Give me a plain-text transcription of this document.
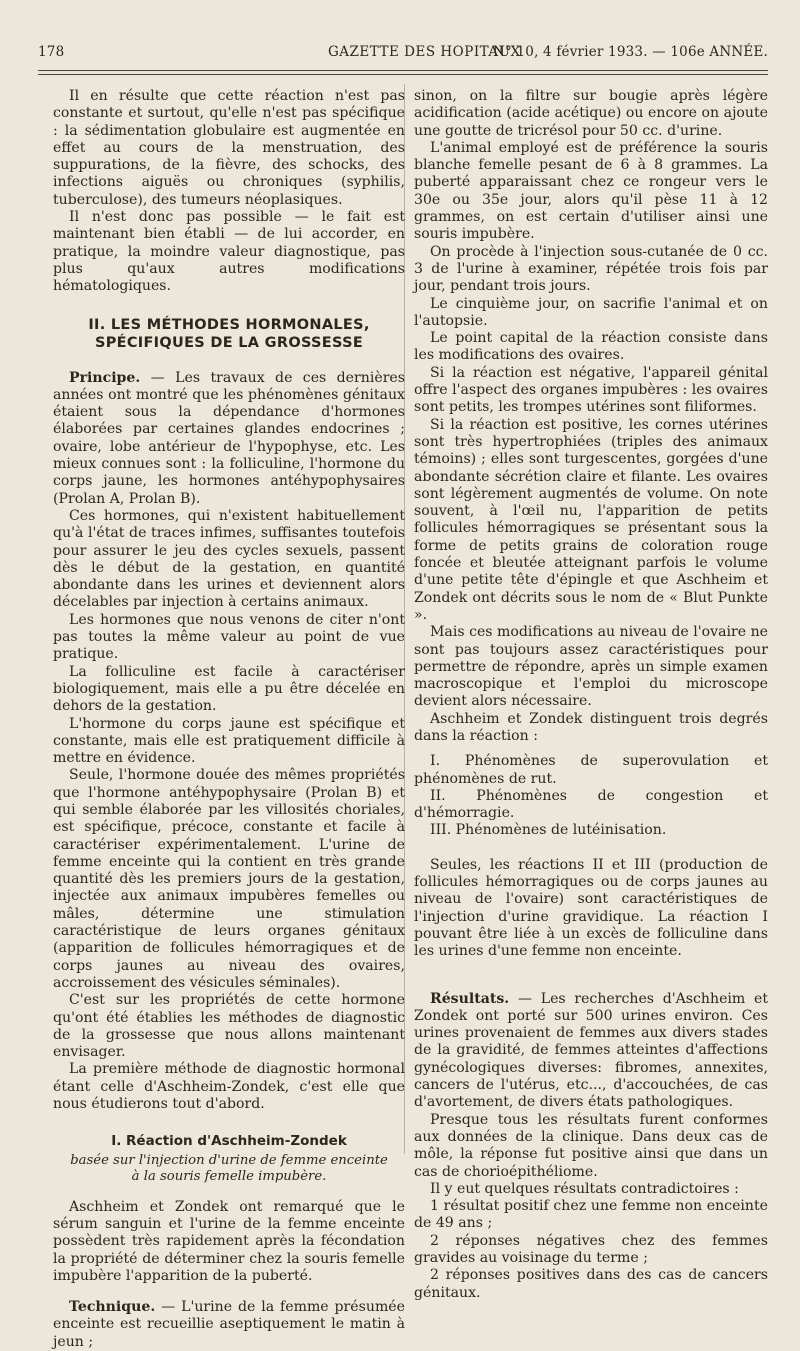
178	GAZETTE DES HOPITAUX
N° 10, 4 février 1933. — 106e ANNÉE.

Il en résulte que cette réaction n'est pas constante et surtout, qu'elle n'est pas spécifique : la sédimentation globulaire est augmentée en effet au cours de la menstruation, des suppurations, de la fièvre, des schocks, des infections aiguës ou chroniques (syphilis, tuberculose), des tumeurs néoplasiques.

Il n'est donc pas possible — le fait est maintenant bien établi — de lui accorder, en pratique, la moindre valeur diagnostique, pas plus qu'aux autres modifications hématologiques.

II. LES MÉTHODES HORMONALES, SPÉCIFIQUES DE LA GROSSESSE

Principe. — Les travaux de ces dernières années ont montré que les phénomènes génitaux étaient sous la dépendance d'hormones élaborées par certaines glandes endocrines ; ovaire, lobe antérieur de l'hypophyse, etc. Les mieux connues sont : la folliculine, l'hormone du corps jaune, les hormones antéhypophysaires (Prolan A, Prolan B).

Ces hormones, qui n'existent habituellement qu'à l'état de traces infimes, suffisantes toutefois pour assurer le jeu des cycles sexuels, passent dès le début de la gestation, en quantité abondante dans les urines et deviennent alors décelables par injection à certains animaux.

Les hormones que nous venons de citer n'ont pas toutes la même valeur au point de vue pratique.

La folliculine est facile à caractériser biologiquement, mais elle a pu être décelée en dehors de la gestation.

L'hormone du corps jaune est spécifique et constante, mais elle est pratiquement difficile à mettre en évidence.

Seule, l'hormone douée des mêmes propriétés que l'hormone antéhypophysaire (Prolan B) et qui semble élaborée par les villosités choriales, est spécifique, précoce, constante et facile à caractériser expérimentalement. L'urine de femme enceinte qui la contient en très grande quantité dès les premiers jours de la gestation, injectée aux animaux impubères femelles ou mâles, détermine une stimulation caractéristique de leurs organes génitaux (apparition de follicules hémorragiques et de corps jaunes au niveau des ovaires, accroissement des vésicules séminales).

C'est sur les propriétés de cette hormone qu'ont été établies les méthodes de diagnostic de la grossesse que nous allons maintenant envisager.

La première méthode de diagnostic hormonal étant celle d'Aschheim-Zondek, c'est elle que nous étudierons tout d'abord.

I. Réaction d'Aschheim-Zondek
basée sur l'injection d'urine de femme enceinte
à la souris femelle impubère.

Aschheim et Zondek ont remarqué que le sérum sanguin et l'urine de la femme enceinte possèdent très rapidement après la fécondation la propriété de déterminer chez la souris femelle impubère l'apparition de la puberté.

Technique. — L'urine de la femme présumée enceinte est recueillie aseptiquement le matin à jeun ;

sinon, on la filtre sur bougie après légère acidification (acide acétique) ou encore on ajoute une goutte de tricrésol pour 50 cc. d'urine.

L'animal employé est de préférence la souris blanche femelle pesant de 6 à 8 grammes. La puberté apparaissant chez ce rongeur vers le 30e ou 35e jour, alors qu'il pèse 11 à 12 grammes, on est certain d'utiliser ainsi une souris impubère.

On procède à l'injection sous-cutanée de 0 cc. 3 de l'urine à examiner, répétée trois fois par jour, pendant trois jours.

Le cinquième jour, on sacrifie l'animal et on l'autopsie.

Le point capital de la réaction consiste dans les modifications des ovaires.

Si la réaction est négative, l'appareil génital offre l'aspect des organes impubères : les ovaires sont petits, les trompes utérines sont filiformes.

Si la réaction est positive, les cornes utérines sont très hypertrophiées (triples des animaux témoins) ; elles sont turgescentes, gorgées d'une abondante sécrétion claire et filante. Les ovaires sont légèrement augmentés de volume. On note souvent, à l'œil nu, l'apparition de petits follicules hémorragiques se présentant sous la forme de petits grains de coloration rouge foncée et bleutée atteignant parfois le volume d'une petite tête d'épingle et que Aschheim et Zondek ont décrits sous le nom de « Blut Punkte ».

Mais ces modifications au niveau de l'ovaire ne sont pas toujours assez caractéristiques pour permettre de répondre, après un simple examen macroscopique et l'emploi du microscope devient alors nécessaire.

Aschheim et Zondek distinguent trois degrés dans la réaction :

I. Phénomènes de superovulation et phénomènes de rut.

II. Phénomènes de congestion et d'hémorragie.

III. Phénomènes de lutéinisation.

Seules, les réactions II et III (production de follicules hémorragiques ou de corps jaunes au niveau de l'ovaire) sont caractéristiques de l'injection d'urine gravidique. La réaction I pouvant être liée à un excès de folliculine dans les urines d'une femme non enceinte.

Résultats. — Les recherches d'Aschheim et Zondek ont porté sur 500 urines environ. Ces urines provenaient de femmes aux divers stades de la gravidité, de femmes atteintes d'affections gynécologiques diverses: fibromes, annexites, cancers de l'utérus, etc..., d'accouchées, de cas d'avortement, de divers états pathologiques.

Presque tous les résultats furent conformes aux données de la clinique. Dans deux cas de môle, la réponse fut positive ainsi que dans un cas de chorioépithéliome.

Il y eut quelques résultats contradictoires :

1 résultat positif chez une femme non enceinte de 49 ans ;

2 réponses négatives chez des femmes gravides au voisinage du terme ;

2 réponses positives dans des cas de cancers génitaux.
